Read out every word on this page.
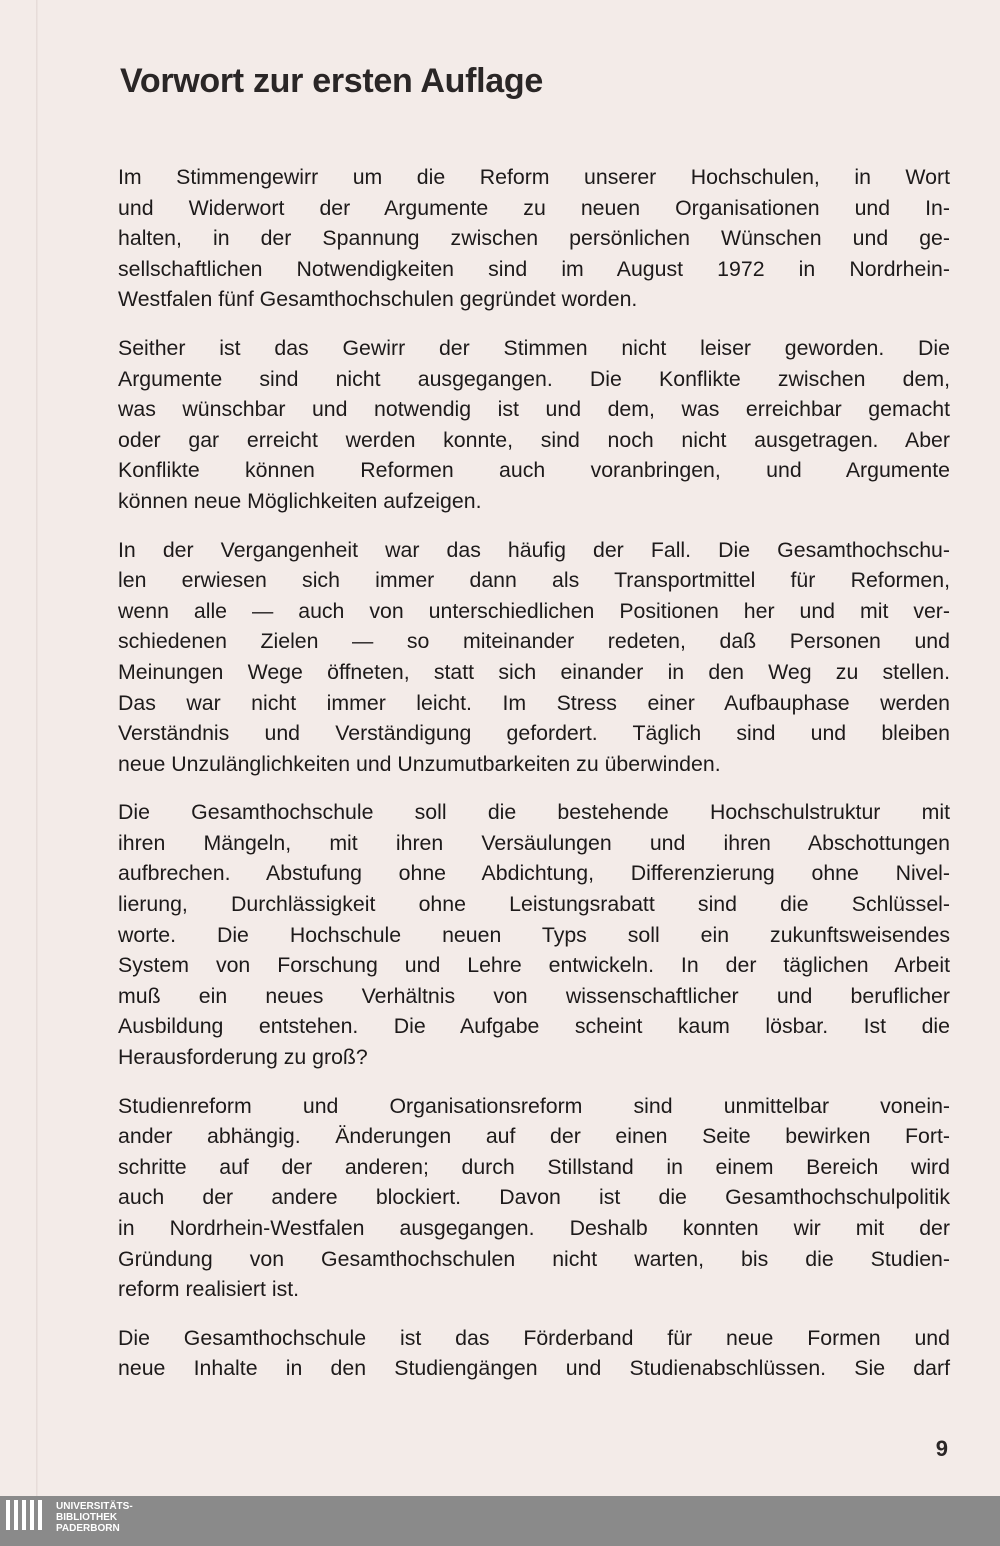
Vorwort zur ersten Auflage

Im Stimmengewirr um die Reform unserer Hochschulen, in Wort
und Widerwort der Argumente zu neuen Organisationen und In-
halten, in der Spannung zwischen persönlichen Wünschen und ge-
sellschaftlichen Notwendigkeiten sind im August 1972 in Nordrhein-
Westfalen fünf Gesamthochschulen gegründet worden.

Seither ist das Gewirr der Stimmen nicht leiser geworden. Die
Argumente sind nicht ausgegangen. Die Konflikte zwischen dem,
was wünschbar und notwendig ist und dem, was erreichbar gemacht
oder gar erreicht werden konnte, sind noch nicht ausgetragen. Aber
Konflikte können Reformen auch voranbringen, und Argumente
können neue Möglichkeiten aufzeigen.

In der Vergangenheit war das häufig der Fall. Die Gesamthochschu-
len erwiesen sich immer dann als Transportmittel für Reformen,
wenn alle — auch von unterschiedlichen Positionen her und mit ver-
schiedenen Zielen — so miteinander redeten, daß Personen und
Meinungen Wege öffneten, statt sich einander in den Weg zu stellen.
Das war nicht immer leicht. Im Stress einer Aufbauphase werden
Verständnis und Verständigung gefordert. Täglich sind und bleiben
neue Unzulänglichkeiten und Unzumutbarkeiten zu überwinden.

Die Gesamthochschule soll die bestehende Hochschulstruktur mit
ihren Mängeln, mit ihren Versäulungen und ihren Abschottungen
aufbrechen. Abstufung ohne Abdichtung, Differenzierung ohne Nivel-
lierung, Durchlässigkeit ohne Leistungsrabatt sind die Schlüssel-
worte. Die Hochschule neuen Typs soll ein zukunftsweisendes
System von Forschung und Lehre entwickeln. In der täglichen Arbeit
muß ein neues Verhältnis von wissenschaftlicher und beruflicher
Ausbildung entstehen. Die Aufgabe scheint kaum lösbar. Ist die
Herausforderung zu groß?

Studienreform und Organisationsreform sind unmittelbar vonein-
ander abhängig. Änderungen auf der einen Seite bewirken Fort-
schritte auf der anderen; durch Stillstand in einem Bereich wird
auch der andere blockiert. Davon ist die Gesamthochschulpolitik
in Nordrhein-Westfalen ausgegangen. Deshalb konnten wir mit der
Gründung von Gesamthochschulen nicht warten, bis die Studien-
reform realisiert ist.

Die Gesamthochschule ist das Förderband für neue Formen und
neue Inhalte in den Studiengängen und Studienabschlüssen. Sie darf

9
UNIVERSITÄTS-
BIBLIOTHEK
PADERBORN
